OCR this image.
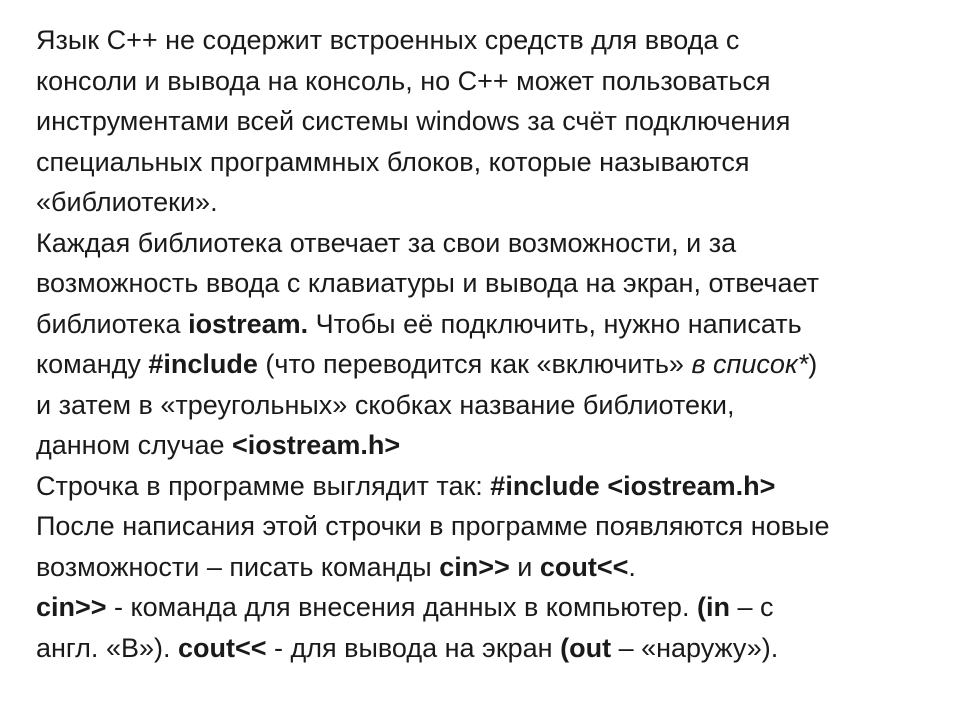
Язык С++ не содержит встроенных средств для ввода с
консоли и вывода на консоль, но С++ может пользоваться
инструментами всей системы windows за счёт подключения
специальных программных блоков, которые называются
«библиотеки».
Каждая библиотека отвечает за свои возможности, и за
возможность ввода с клавиатуры и вывода на экран, отвечает
библиотека iostream. Чтобы её подключить, нужно написать
команду #include (что переводится как «включить» в список*)
и затем в «треугольных» скобках название библиотеки,
данном случае <iostream.h>
Строчка в программе выглядит так: #include <iostream.h>
После написания этой строчки в программе появляются новые
возможности – писать команды cin>> и cout<<.
cin>> - команда для внесения данных в компьютер. (in – с
англ. «В»). cout<< - для вывода на экран (out – «наружу»).
